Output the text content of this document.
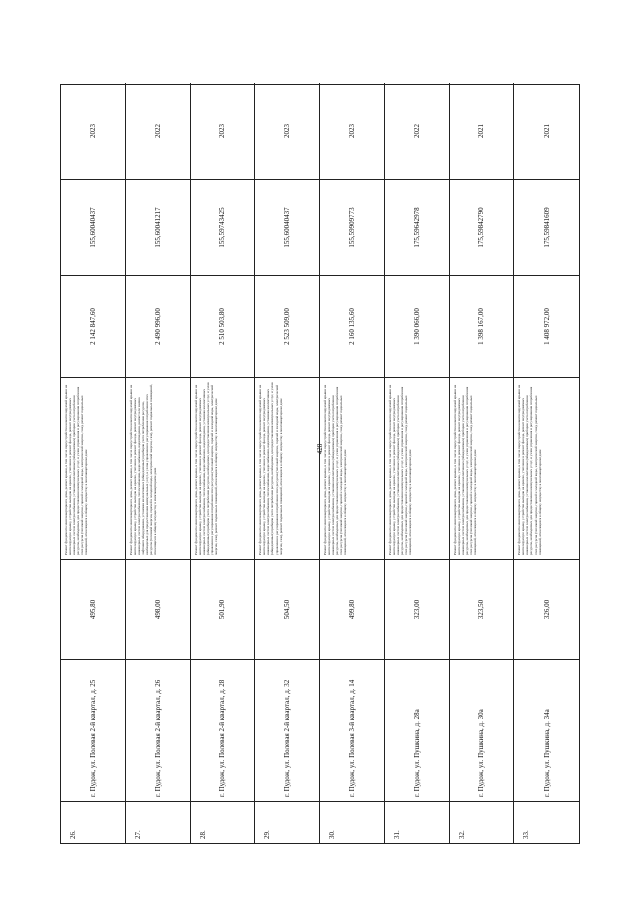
428
26.
г. Пудож, ул. Полевая 2-й квартал, д. 25
495,80
Ремонт фундамента многоквартирного дома, ремонт крыши, в том числе переустройство невентилируемой крыши на вентилируемую крышу, устройство выходов на кровлю, утепление и ремонт фасада, ремонт внутридомовых инженерных систем электроснабжения, установка коллективных (общедомовых) приборов учета потребления ресурсов, необходимых для предоставления коммунальных услуг, и узлов управления и регулирования потребления этих ресурсов (тепловой энергии, горячей и холодной воды, электрической энергии, газа), ремонт подвальных помещений, относящихся к общему имуществу в многоквартирном доме
2 142 847,60
155,60040437
2023
27.
г. Пудож, ул. Полевая 2-й квартал, д. 26
498,00
Ремонт фундамента многоквартирного дома, ремонт крыши, в том числе переустройство невентилируемой крыши на вентилируемую крышу, устройство выходов на кровлю, утепление и ремонт фасада, ремонт внутридомовых инженерных систем электроснабжения, теплоснабжения, водоснабжения, водоотведения, ремонт или замена лифтового оборудования, установка коллективных (общедомовых) приборов учета потребления ресурсов, необходимых для предоставления коммунальных услуг, и узлов управления и регулирования потребления этих ресурсов (тепловой энергии, горячей и холодной воды, электрической энергии, газа), ремонт подвальных помещений, относящихся к общему имуществу в многоквартирном доме
2 490 996,00
155,60041217
2022
28.
г. Пудож, ул. Полевая 2-й квартал, д. 28
501,90
Ремонт фундамента многоквартирного дома, ремонт крыши, в том числе переустройство невентилируемой крыши на вентилируемую крышу, устройство выходов на кровлю, утепление и ремонт фасада, ремонт внутридомовых инженерных систем электроснабжения, теплоснабжения, водоснабжения, водоотведения, установка коллективных (общедомовых) приборов учета потребления ресурсов, необходимых для предоставления коммунальных услуг, и узлов управления и регулирования потребления этих ресурсов (тепловой энергии, горячей и холодной воды, электрической энергии, газа), ремонт подвальных помещений, относящихся к общему имуществу в многоквартирном доме
2 510 503,80
155,59743425
2023
29.
г. Пудож, ул. Полевая 2-й квартал, д. 32
504,50
Ремонт фундамента многоквартирного дома, ремонт крыши, в том числе переустройство невентилируемой крыши на вентилируемую крышу, устройство выходов на кровлю, утепление и ремонт фасада, ремонт внутридомовых инженерных систем электроснабжения, теплоснабжения, водоснабжения, водоотведения, установка коллективных (общедомовых) приборов учета потребления ресурсов, необходимых для предоставления коммунальных услуг, и узлов управления и регулирования потребления этих ресурсов (тепловой энергии, горячей и холодной воды, электрической энергии, газа), ремонт подвальных помещений, относящихся к общему имуществу в многоквартирном доме
2 523 509,00
155,60040437
2023
30.
г. Пудож, ул. Полевая 3-й квартал, д. 14
499,80
Ремонт фундамента многоквартирного дома, ремонт крыши, в том числе переустройство невентилируемой крыши на вентилируемую крышу, устройство выходов на кровлю, утепление и ремонт фасада, ремонт внутридомовых инженерных систем электроснабжения, установка коллективных (общедомовых) приборов учета потребления ресурсов, необходимых для предоставления коммунальных услуг, и узлов управления и регулирования потребления этих ресурсов (тепловой энергии, горячей и холодной воды, электрической энергии, газа), ремонт подвальных помещений, относящихся к общему имуществу в многоквартирном доме
2 160 135,60
155,59909773
2023
31.
г. Пудож, ул. Пушкина, д. 28а
323,00
Ремонт фундамента многоквартирного дома, ремонт крыши, в том числе переустройство невентилируемой крыши на вентилируемую крышу, устройство выходов на кровлю, утепление и ремонт фасада, ремонт внутридомовых инженерных систем электроснабжения, установка коллективных (общедомовых) приборов учета потребления ресурсов, необходимых для предоставления коммунальных услуг, и узлов управления и регулирования потребления этих ресурсов (тепловой энергии, горячей и холодной воды, электрической энергии, газа), ремонт подвальных помещений, относящихся к общему имуществу в многоквартирном доме
1 390 066,00
175,59642978
2022
32.
г. Пудож, ул. Пушкина, д. 30а
323,50
Ремонт фундамента многоквартирного дома, ремонт крыши, в том числе переустройство невентилируемой крыши на вентилируемую крышу, устройство выходов на кровлю, утепление и ремонт фасада, ремонт внутридомовых инженерных систем электроснабжения, установка коллективных (общедомовых) приборов учета потребления ресурсов, необходимых для предоставления коммунальных услуг, и узлов управления и регулирования потребления этих ресурсов (тепловой энергии, горячей и холодной воды, электрической энергии, газа), ремонт подвальных помещений, относящихся к общему имуществу в многоквартирном доме
1 398 167,00
175,59842790
2021
33.
г. Пудож, ул. Пушкина, д. 34а
326,00
Ремонт фундамента многоквартирного дома, ремонт крыши, в том числе переустройство невентилируемой крыши на вентилируемую крышу, устройство выходов на кровлю, утепление и ремонт фасада, ремонт внутридомовых инженерных систем электроснабжения, установка коллективных (общедомовых) приборов учета потребления ресурсов, необходимых для предоставления коммунальных услуг, и узлов управления и регулирования потребления этих ресурсов (тепловой энергии, горячей и холодной воды, электрической энергии, газа), ремонт подвальных помещений, относящихся к общему имуществу в многоквартирном доме
1 408 972,00
175,59841609
2021
